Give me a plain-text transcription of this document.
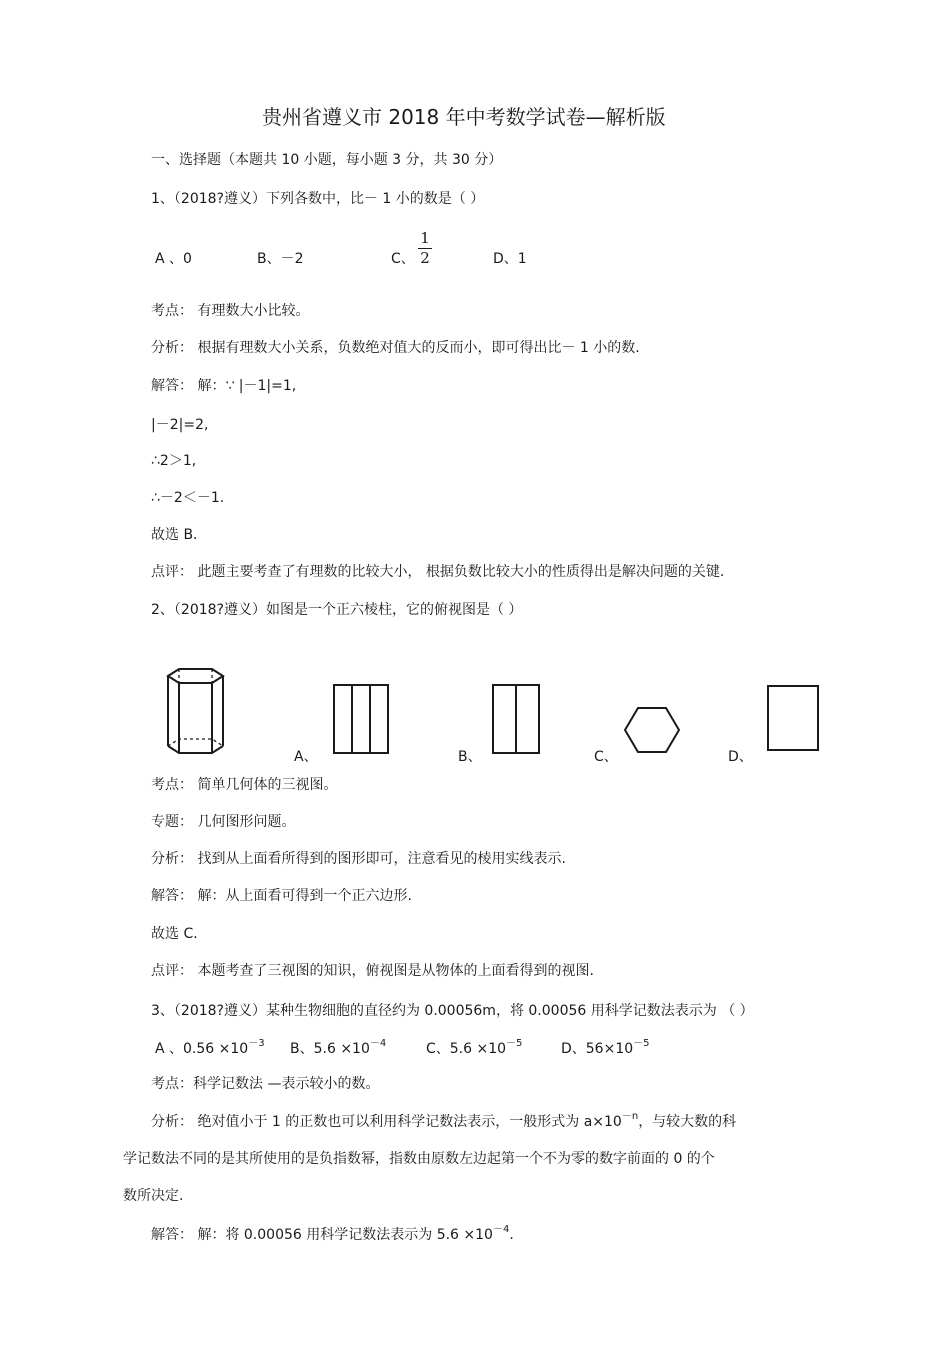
贵州省遵义市 2018 年中考数学试卷—解析版
一、选择题（本题共 10 小题，每小题 3 分，共 30 分）
1、（2018?遵义）下列各数中，比－ 1 小的数是（ ）
A 、0	B、－2	C、
1
2	D、1
考点： 有理数大小比较。
分析： 根据有理数大小关系，负数绝对值大的反而小，即可得出比－ 1 小的数.
解答： 解：∵ |－1|=1,
|－2|=2,
∴2＞1,
∴－2＜－1.
故选 B．
点评： 此题主要考查了有理数的比较大小， 根据负数比较大小的性质得出是解决问题的关键.
2、（2018?遵义）如图是一个正六棱柱，它的俯视图是（ ）
A、	B、	C、	D、
考点： 简单几何体的三视图。
专题： 几何图形问题。
分析： 找到从上面看所得到的图形即可，注意看见的棱用实线表示.
解答： 解：从上面看可得到一个正六边形.
故选 C．
点评： 本题考查了三视图的知识，俯视图是从物体的上面看得到的视图.
3、（2018?遵义）某种生物细胞的直径约为 0.00056m，将 0.00056 用科学记数法表示为 （ ）
A 、$0.56 \times 10^{-3}$ B、$5.6 \times 10^{-4}$	C、$5.6 \times 10^{-5}$	D、$56\times 10^{-5}$
考点：科学记数法 —表示较小的数。
分析： 绝对值小于 1 的正数也可以利用科学记数法表示，一般形式为 $a\times 10^{-n}$，与较大数的科
学记数法不同的是其所使用的是负指数幂，指数由原数左边起第一个不为零的数字前面的 0 的个
数所决定.
解答： 解：将 0.00056 用科学记数法表示为 $5.6 \times 10^{-4}$.
